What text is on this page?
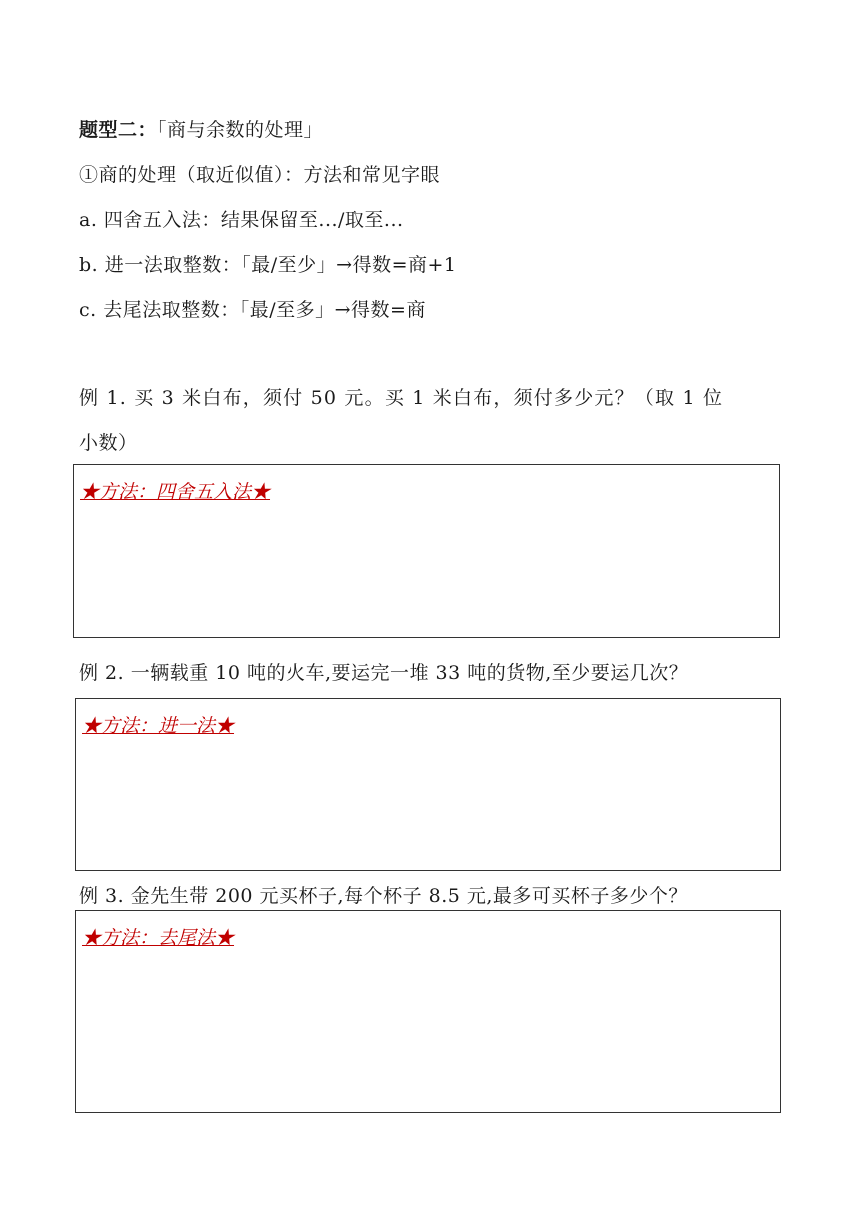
题型二：「商与余数的处理」
①商的处理（取近似值）：方法和常见字眼
a. 四舍五入法：结果保留至.../取至...
b. 进一法取整数：「最/至少」→得数=商+1
c. 去尾法取整数：「最/至多」→得数=商
例 1. 买 3 米白布，须付 50 元。买 1 米白布，须付多少元？（取 1 位
小数）
★方法：四舍五入法★
例 2. 一辆载重 10 吨的火车,要运完一堆 33 吨的货物,至少要运几次？
★方法：进一法★
例 3. 金先生带 200 元买杯子,每个杯子 8.5 元,最多可买杯子多少个？
★方法：去尾法★
